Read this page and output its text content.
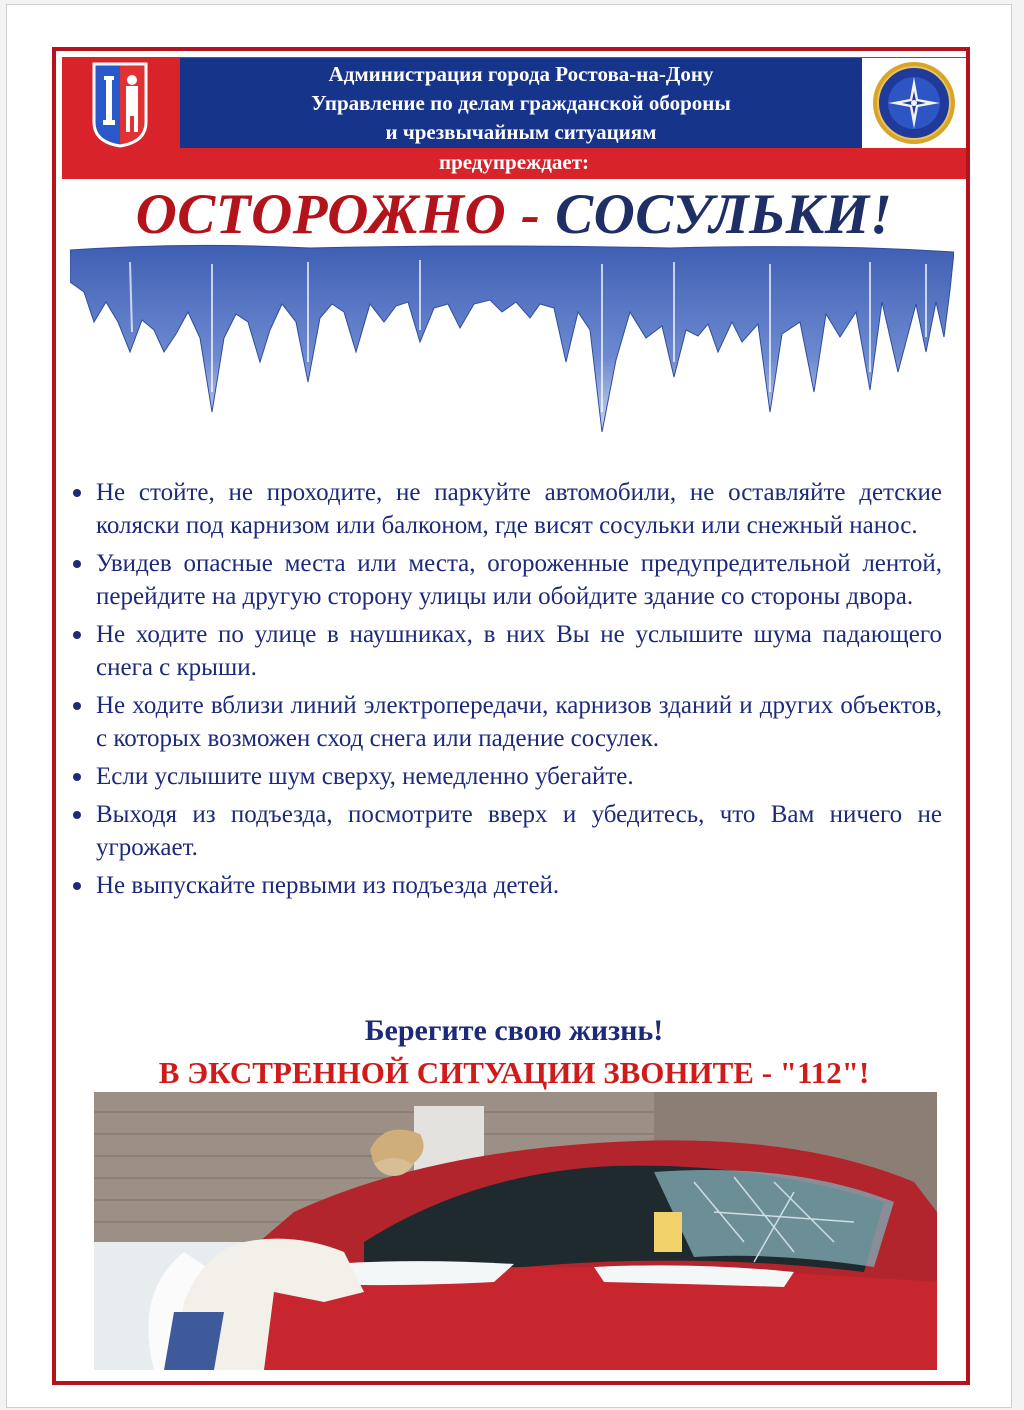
Администрация города Ростова-на-Дону
Управление по делам гражданской обороны
и чрезвычайным ситуациям
предупреждает:
ОСТОРОЖНО - СОСУЛЬКИ!
Не стойте, не проходите, не паркуйте автомобили, не оставляйте детские коляски под карнизом или балконом, где висят сосульки или снежный нанос.
Увидев опасные места или места, огороженные предупредительной лентой, перейдите на другую сторону улицы или обойдите здание со стороны двора.
Не ходите по улице в наушниках, в них Вы не услышите шума падающего снега с крыши.
Не ходите вблизи линий электропередачи, карнизов зданий и других объектов, с которых возможен сход снега или падение сосулек.
Если услышите шум сверху, немедленно убегайте.
Выходя из подъезда, посмотрите вверх и убедитесь, что Вам ничего не угрожает.
Не выпускайте первыми из подъезда детей.
Берегите свою жизнь!
В ЭКСТРЕННОЙ СИТУАЦИИ ЗВОНИТЕ - "112"!
